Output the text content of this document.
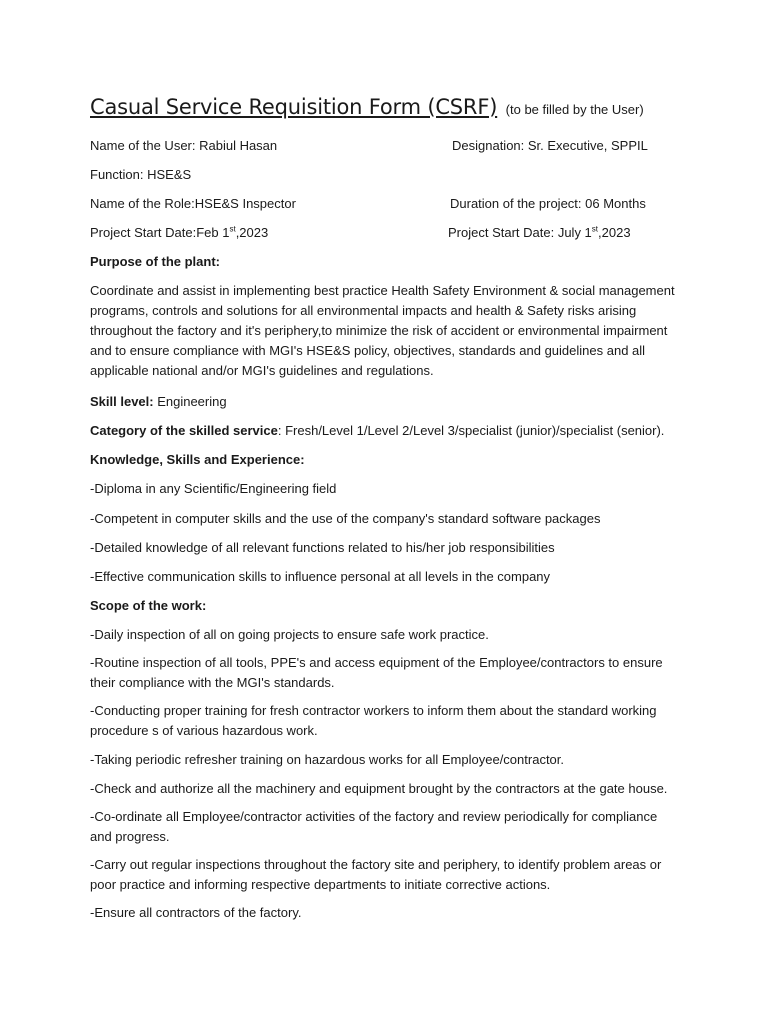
Casual Service Requisition Form (CSRF) (to be filled by the User)
Name of the User: Rabiul Hasan	Designation: Sr. Executive, SPPIL
Function: HSE&S
Name of the Role:HSE&S Inspector	Duration of the project: 06 Months
Project Start Date:Feb 1st,2023	Project Start Date: July 1st,2023
Purpose of the plant:
Coordinate and assist in implementing best practice Health Safety Environment & social management programs, controls and solutions for all environmental impacts and health & Safety risks arising throughout the factory and it's periphery,to minimize the risk of accident or environmental impairment and to ensure compliance with MGI's HSE&S policy, objectives, standards and guidelines and all applicable national and/or MGI's guidelines and regulations.
Skill level: Engineering
Category of the skilled service: Fresh/Level 1/Level 2/Level 3/specialist (junior)/specialist (senior).
Knowledge, Skills and Experience:
-Diploma in any Scientific/Engineering field
-Competent in computer skills and the use of the company's standard software packages
-Detailed knowledge of all relevant functions related to his/her job responsibilities
-Effective communication skills to influence personal at all levels in the company
Scope of the work:
-Daily inspection of all on going projects to ensure safe work practice.
-Routine inspection of all tools, PPE's and access equipment of the Employee/contractors to ensure their compliance with the MGI's standards.
-Conducting proper training for fresh contractor workers to inform them about the standard working procedure s of various hazardous work.
-Taking periodic refresher training on hazardous works for all Employee/contractor.
-Check and authorize all the machinery and equipment brought by the contractors at the gate house.
-Co-ordinate all Employee/contractor activities of the factory and review periodically for compliance and progress.
-Carry out regular inspections throughout the factory site and periphery, to identify problem areas or poor practice and informing respective departments to initiate corrective actions.
-Ensure all contractors of the factory.
